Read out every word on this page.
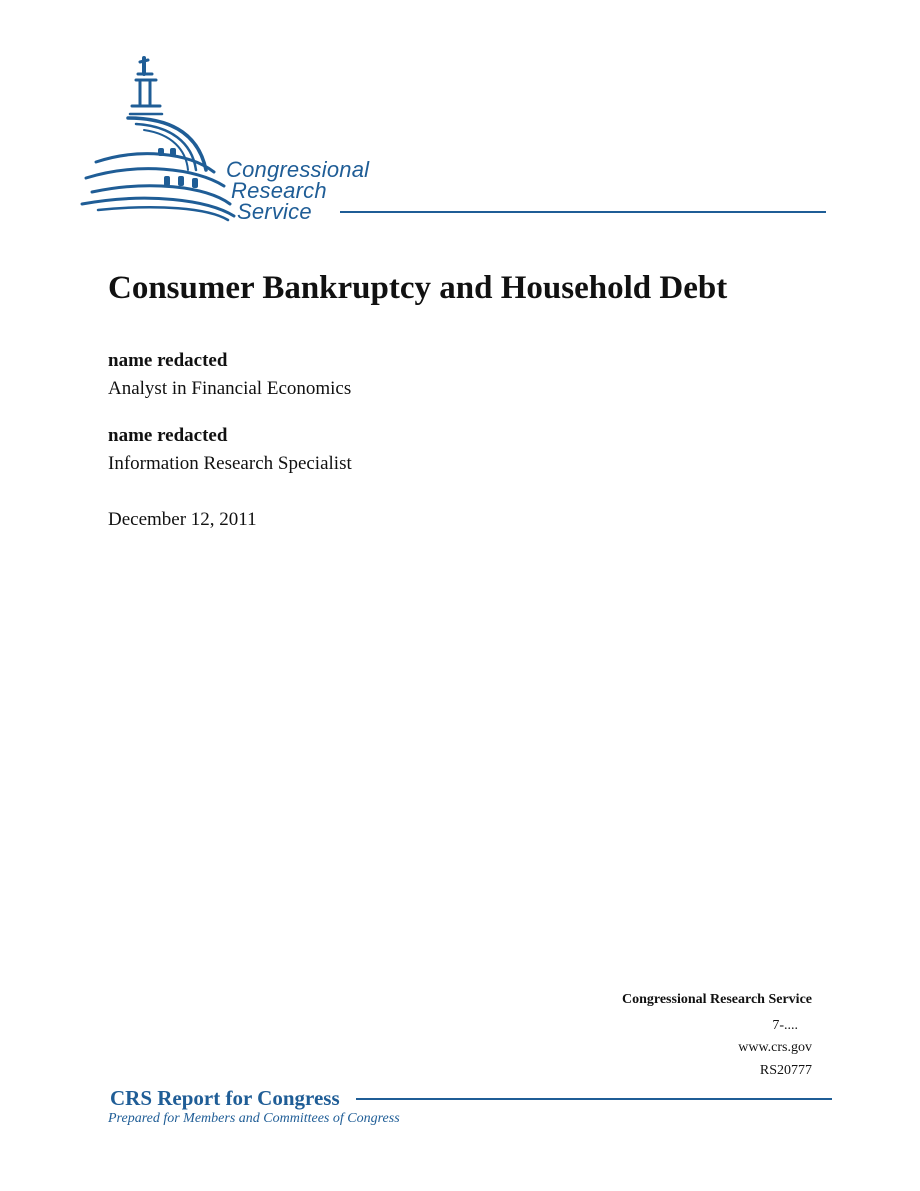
Congressional
Research
Service
Consumer Bankruptcy and Household Debt
name redacted
Analyst in Financial Economics
name redacted
Information Research Specialist
December 12, 2011
Congressional Research Service
7-....
www.crs.gov
RS20777
CRS Report for Congress
Prepared for Members and Committees of Congress
